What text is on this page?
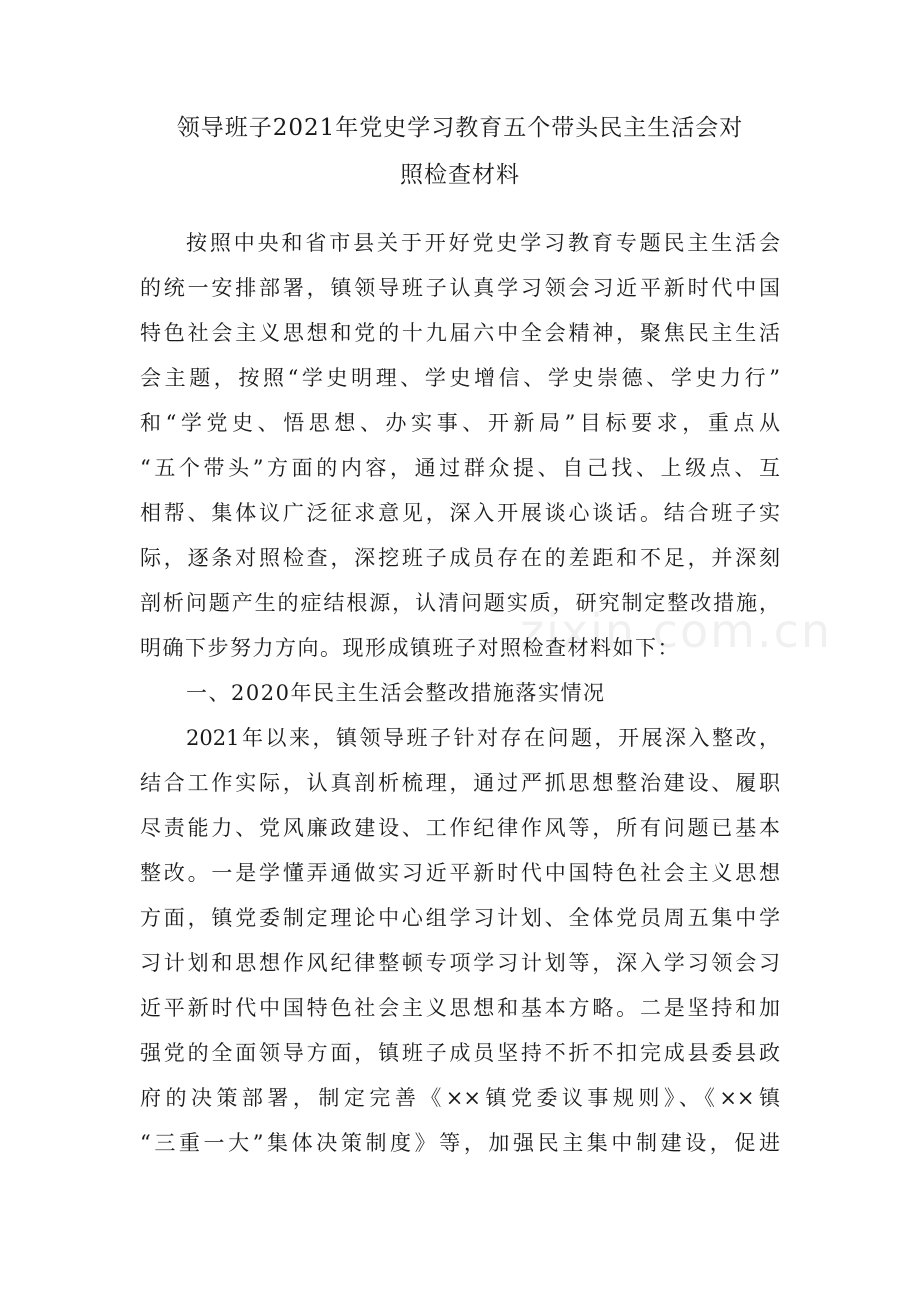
领导班子2021年党史学习教育五个带头民主生活会对
照检查材料
按照中央和省市县关于开好党史学习教育专题民主生活会
的统一安排部署，镇领导班子认真学习领会习近平新时代中国
特色社会主义思想和党的十九届六中全会精神，聚焦民主生活
会主题，按照“学史明理、学史增信、学史崇德、学史力行”
和“学党史、悟思想、办实事、开新局”目标要求，重点从
“五个带头”方面的内容，通过群众提、自己找、上级点、互
相帮、集体议广泛征求意见，深入开展谈心谈话。结合班子实
际，逐条对照检查，深挖班子成员存在的差距和不足，并深刻
剖析问题产生的症结根源，认清问题实质，研究制定整改措施，
明确下步努力方向。现形成镇班子对照检查材料如下：
一、2020年民主生活会整改措施落实情况
2021年以来，镇领导班子针对存在问题，开展深入整改，
结合工作实际，认真剖析梳理，通过严抓思想整治建设、履职
尽责能力、党风廉政建设、工作纪律作风等，所有问题已基本
整改。一是学懂弄通做实习近平新时代中国特色社会主义思想
方面，镇党委制定理论中心组学习计划、全体党员周五集中学
习计划和思想作风纪律整顿专项学习计划等，深入学习领会习
近平新时代中国特色社会主义思想和基本方略。二是坚持和加
强党的全面领导方面，镇班子成员坚持不折不扣完成县委县政
府的决策部署，制定完善《××镇党委议事规则》、《××镇
“三重一大”集体决策制度》等，加强民主集中制建设，促进
zixin.com.cn
